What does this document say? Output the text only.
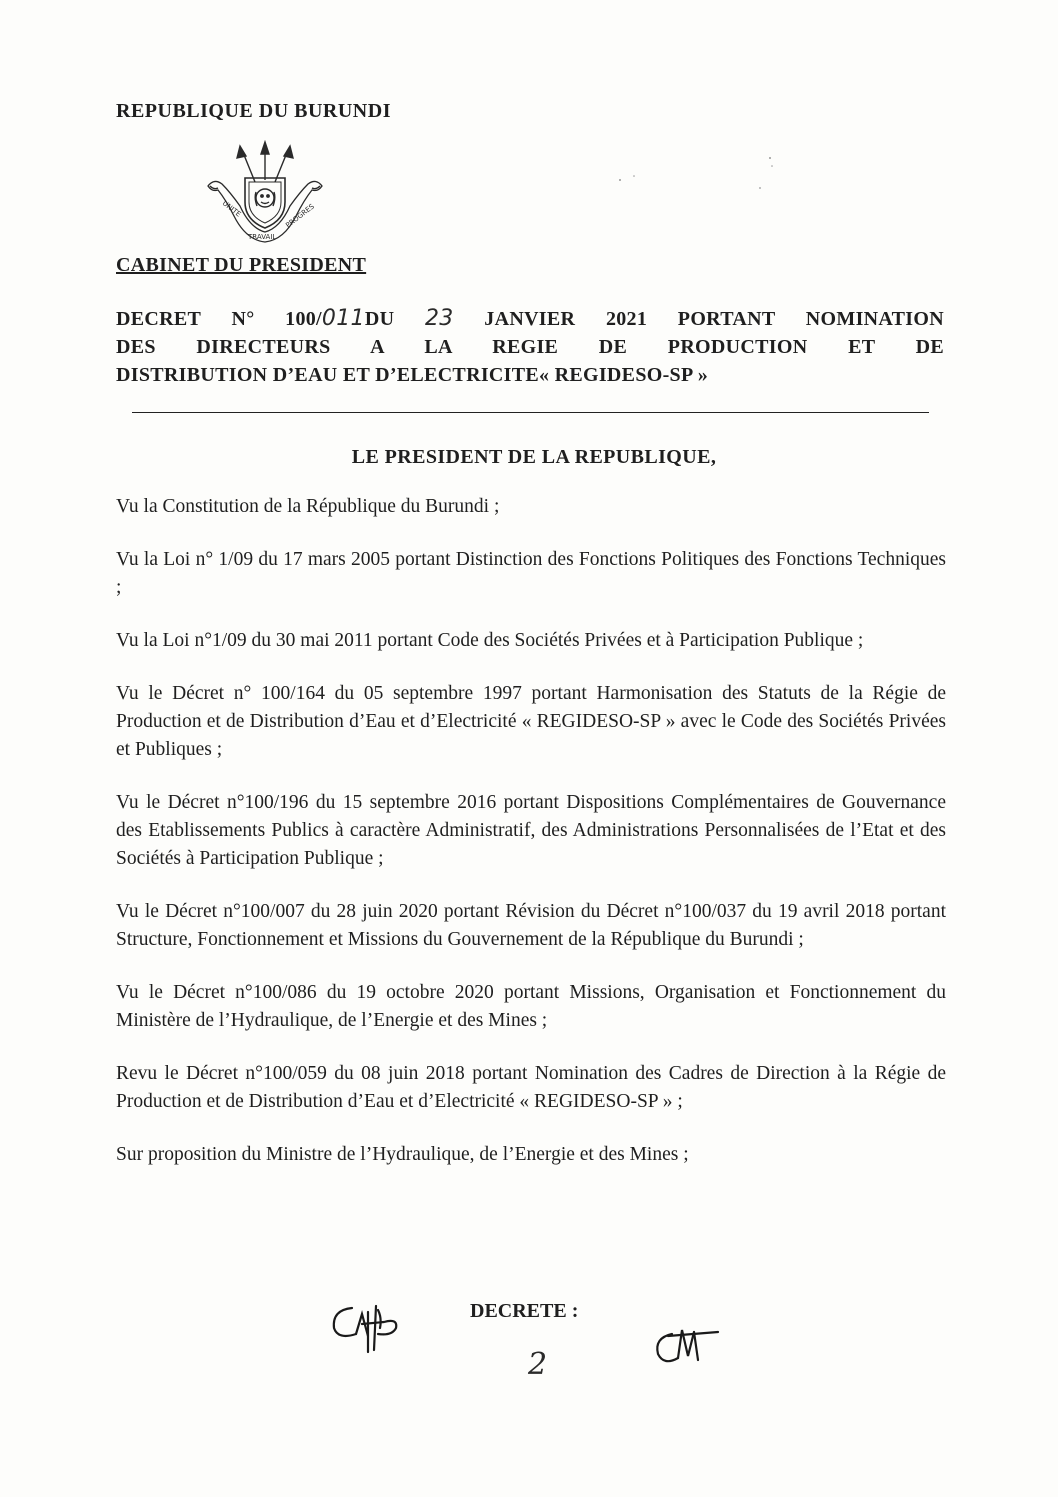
REPUBLIQUE DU BURUNDI
UNITE
TRAVAIL
PROGRES
CABINET DU PRESIDENT
DECRET N° 100/011DU 23 JANVIER 2021 PORTANT NOMINATION
DES DIRECTEURS A LA REGIE DE PRODUCTION ET DE
DISTRIBUTION D’EAU ET D’ELECTRICITE« REGIDESO-SP »
LE PRESIDENT DE LA REPUBLIQUE,

Vu la Constitution de la République du Burundi ;

Vu la Loi n° 1/09 du 17 mars 2005 portant Distinction des Fonctions Politiques des Fonctions Techniques ;

Vu la Loi n°1/09 du 30 mai 2011 portant Code des Sociétés Privées et à Participation Publique ;

Vu le Décret n° 100/164 du 05 septembre 1997 portant Harmonisation des Statuts de la Régie de Production et de Distribution d’Eau et d’Electricité « REGIDESO-SP » avec le Code des Sociétés Privées et Publiques ;

Vu le Décret n°100/196 du 15 septembre 2016 portant Dispositions Complémentaires de Gouvernance des Etablissements Publics à caractère Administratif, des Administrations Personnalisées de l’Etat et des Sociétés à Participation Publique ;

Vu le Décret n°100/007 du 28 juin 2020 portant Révision du Décret n°100/037 du 19 avril 2018 portant Structure, Fonctionnement et Missions du Gouvernement de la République du Burundi ;

Vu le Décret n°100/086 du 19 octobre 2020 portant Missions, Organisation et Fonctionnement du Ministère de l’Hydraulique, de l’Energie et des Mines ;

Revu le Décret n°100/059 du 08 juin 2018 portant Nomination des Cadres de Direction à la Régie de Production et de Distribution d’Eau et d’Electricité « REGIDESO-SP » ;

Sur proposition du Ministre de l’Hydraulique, de l’Energie et des Mines ;

DECRETE :

2
